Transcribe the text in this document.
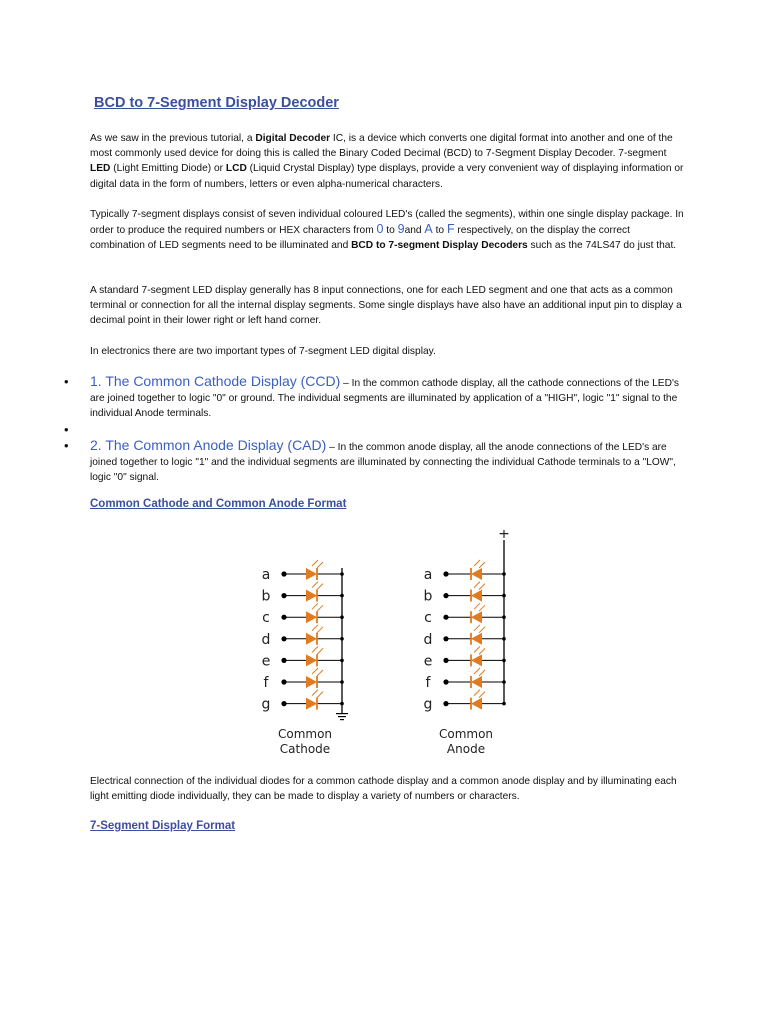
BCD to 7-Segment Display Decoder

As we saw in the previous tutorial, a Digital Decoder IC, is a device which converts one digital format into another and one of the most commonly used device for doing this is called the Binary Coded Decimal (BCD) to 7-Segment Display Decoder. 7-segment LED (Light Emitting Diode) or LCD (Liquid Crystal Display) type displays, provide a very convenient way of displaying information or digital data in the form of numbers, letters or even alpha-numerical characters.

Typically 7-segment displays consist of seven individual coloured LED's (called the segments), within one single display package. In order to produce the required numbers or HEX characters from 0 to 9and A to F respectively, on the display the correct combination of LED segments need to be illuminated and BCD to 7-segment Display Decoders such as the 74LS47 do just that.

A standard 7-segment LED display generally has 8 input connections, one for each LED segment and one that acts as a common terminal or connection for all the internal display segments. Some single displays have also have an additional input pin to display a decimal point in their lower right or left hand corner.

In electronics there are two important types of 7-segment LED digital display.

• 1. The Common Cathode Display (CCD) – In the common cathode display, all the cathode connections of the LED's are joined together to logic "0" or ground. The individual segments are illuminated by application of a "HIGH", logic "1" signal to the individual Anode terminals.
•
• 2. The Common Anode Display (CAD) – In the common anode display, all the anode connections of the LED's are joined together to logic "1" and the individual segments are illuminated by connecting the individual Cathode terminals to a "LOW", logic "0" signal.
Common Cathode and Common Anode Format
a
b
c
d
e
f
g
a
b
c
d
e
f
g
+
Common
Cathode
Common
Anode

Electrical connection of the individual diodes for a common cathode display and a common anode display and by illuminating each light emitting diode individually, they can be made to display a variety of numbers or characters.

7-Segment Display Format
